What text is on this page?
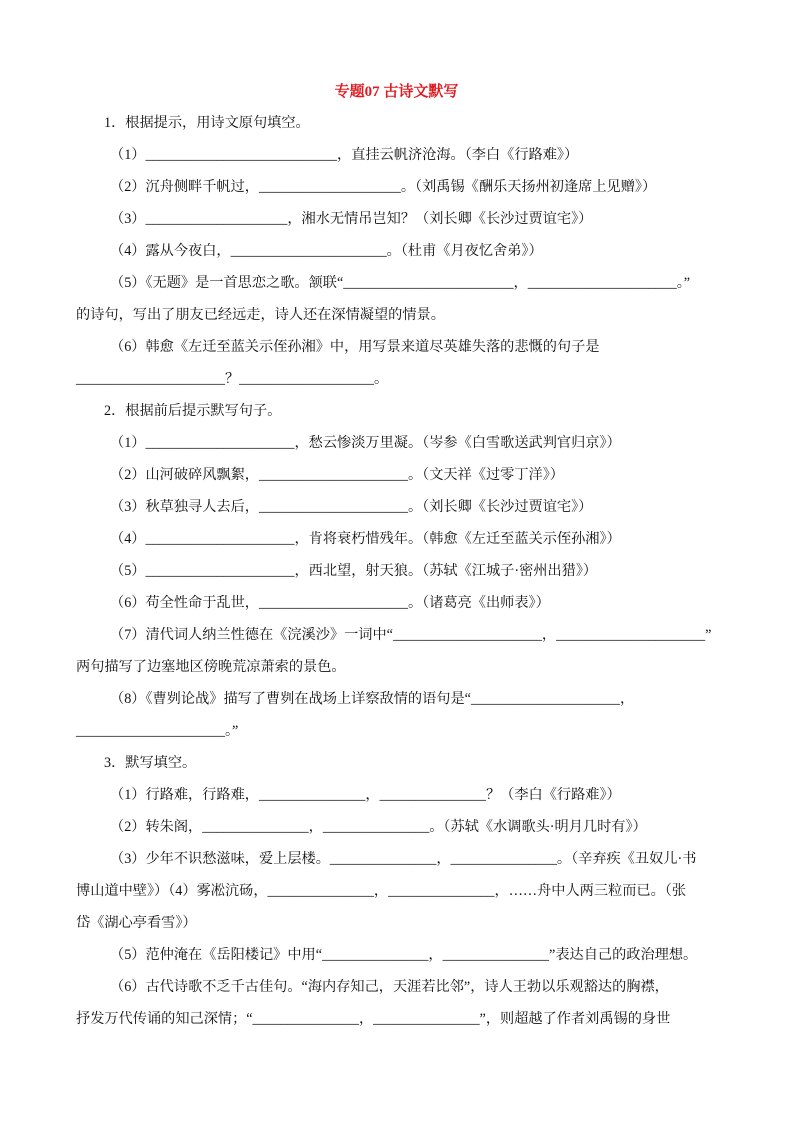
专题07 古诗文默写
1．根据提示，用诗文原句填空。
（1）___________________________，直挂云帆济沧海。（李白《行路难》）
（2）沉舟侧畔千帆过，____________________。（刘禹锡《酬乐天扬州初逢席上见赠》）
（3）____________________，湘水无情吊岂知？（刘长卿《长沙过贾谊宅》）
（4）露从今夜白，______________________。（杜甫《月夜忆舍弟》）
（5）《无题》是一首思恋之歌。颔联“________________________，_____________________。”
的诗句，写出了朋友已经远走，诗人还在深情凝望的情景。
（6）韩愈《左迁至蓝关示侄孙湘》中，用写景来道尽英雄失落的悲慨的句子是
_____________________？___________________。
2．根据前后提示默写句子。
（1）_____________________，愁云惨淡万里凝。（岑参《白雪歌送武判官归京》）
（2）山河破碎风飘絮，_____________________。（文天祥《过零丁洋》）
（3）秋草独寻人去后，_____________________。（刘长卿《长沙过贾谊宅》）
（4）_____________________，肯将衰朽惜残年。（韩愈《左迁至蓝关示侄孙湘》）
（5）_____________________，西北望，射天狼。（苏轼《江城子·密州出猎》）
（6）苟全性命于乱世，_____________________。（诸葛亮《出师表》）
（7）清代词人纳兰性德在《浣溪沙》一词中“_____________________，_____________________”
两句描写了边塞地区傍晚荒凉萧索的景色。
（8）《曹刿论战》描写了曹刿在战场上详察敌情的语句是“_____________________，
_____________________。”
3．默写填空。
（1）行路难，行路难，_______________，_______________？（李白《行路难》）
（2）转朱阁，_______________，_______________。（苏轼《水调歌头·明月几时有》）
（3）少年不识愁滋味，爱上层楼。_______________，_______________。（辛弃疾《丑奴儿·书
博山道中壁》）（4）雾凇沆砀，_______________，_______________，……舟中人两三粒而已。（张
岱《湖心亭看雪》）
（5）范仲淹在《岳阳楼记》中用“_______________，_______________”表达自己的政治理想。
（6）古代诗歌不乏千古佳句。“海内存知己，天涯若比邻”，诗人王勃以乐观豁达的胸襟，
抒发万代传诵的知己深情；“_______________，_______________”，则超越了作者刘禹锡的身世
